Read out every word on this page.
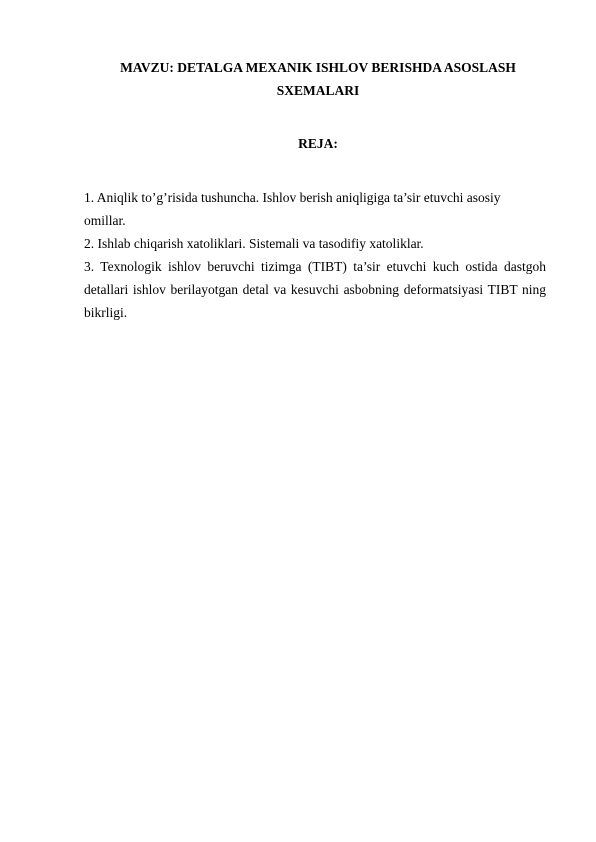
MAVZU: DETALGA MEXANIK ISHLOV BERISHDA ASOSLASH
SXEMALARI
REJA:

1. Aniqlik to’g’risida tushuncha. Ishlov berish aniqligiga ta’sir etuvchi asosiy
omillar.

2. Ishlab chiqarish xatoliklari. Sistemali va tasodifiy xatoliklar.

3. Texnologik ishlov beruvchi tizimga (TIBT) ta’sir etuvchi kuch ostida dastgoh detallari ishlov berilayotgan detal va kesuvchi asbobning deformatsiyasi TIBT ning bikrligi.
